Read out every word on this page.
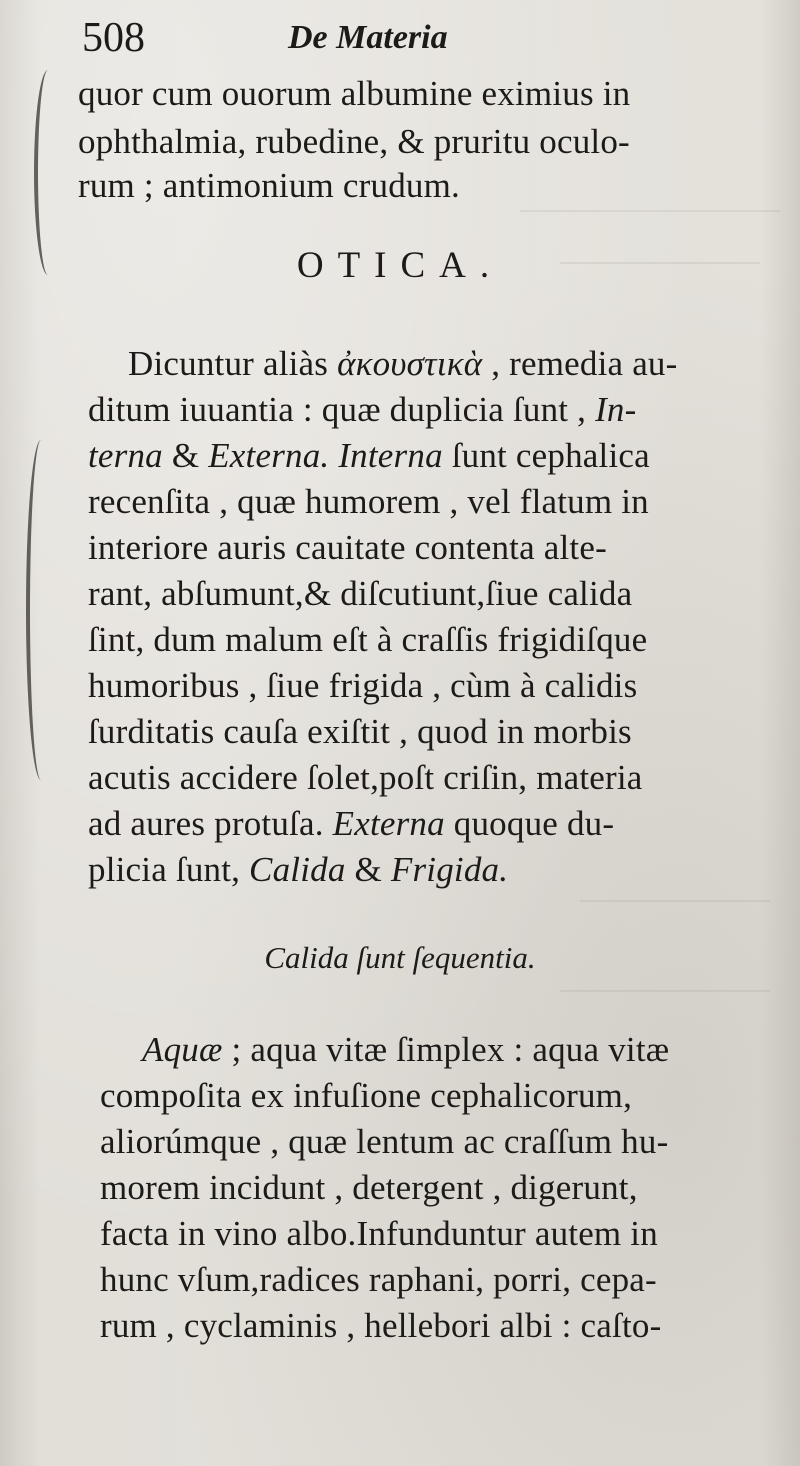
508	De Materia
quor cum ouorum albumine eximius in
ophthalmia, rubedine, & pruritu oculo-
rum ; antimonium crudum.
OTICA.
Dicuntur aliàs ἀκουστικὰ , remedia au-
ditum iuuantia : quæ duplicia ſunt , In-
terna & Externa. Interna ſunt cephalica
recenſita , quæ humorem , vel flatum in
interiore auris cauitate contenta alte-
rant, abſumunt,& diſcutiunt,ſiue calida
ſint, dum malum eſt à craſſis frigidiſque
humoribus , ſiue frigida , cùm à calidis
ſurditatis cauſa exiſtit , quod in morbis
acutis accidere ſolet,poſt criſin, materia
ad aures protuſa. Externa quoque du-
plicia ſunt, Calida & Frigida.
Calida ſunt ſequentia.
Aquæ ; aqua vitæ ſimplex : aqua vitæ
compoſita ex infuſione cephalicorum,
aliorúmque , quæ lentum ac craſſum hu-
morem incidunt , detergent , digerunt,
facta in vino albo.Infunduntur autem in
hunc vſum,radices raphani, porri, cepa-
rum , cyclaminis , hellebori albi : caſto-
